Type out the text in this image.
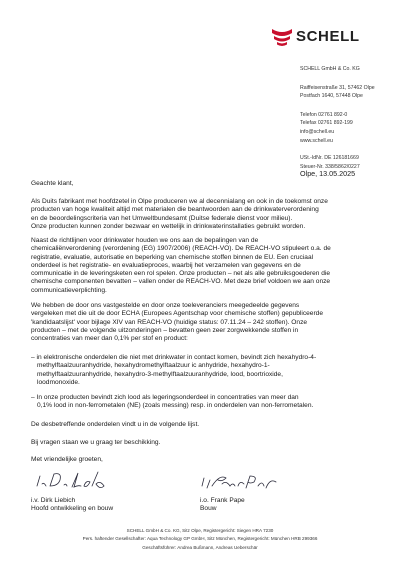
SCHELL
SCHELL GmbH & Co. KG
Raiffeisenstraße 31, 57462 Olpe
Postfach 1640, 57448 Olpe
Telefon 02761 892-0
Telefax 02761 892-199
info@schell.eu
www.schell.eu
USt.-IdNr. DE 126181669
Steuer-Nr. 338/5862/0227
Olpe, 13.05.2025
Geachte klant,
Als Duits fabrikant met hoofdzetel in Olpe produceren we al decennialang en ook in de toekomst onze
producten van hoge kwaliteit altijd met materialen die beantwoorden aan de drinkwaterverordening
en de beoordelingscriteria van het Umweltbundesamt (Duitse federale dienst voor milieu).
Onze producten kunnen zonder bezwaar en wettelijk in drinkwaterinstallaties gebruikt worden.
Naast de richtlijnen voor drinkwater houden we ons aan de bepalingen van de
chemicaliënverordening (verordening (EG) 1907/2006) (REACH-VO). De REACH-VO stipuleert o.a. de
registratie, evaluatie, autorisatie en beperking van chemische stoffen binnen de EU. Een cruciaal
onderdeel is het registratie- en evaluatieproces, waarbij het verzamelen van gegevens en de
communicatie in de leveringsketen een rol spelen. Onze producten – net als alle gebruiksgoederen die
chemische componenten bevatten – vallen onder de REACH-VO. Met deze brief voldoen we aan onze
communicatieverplichting.
We hebben de door ons vastgestelde en door onze toeleveranciers meegedeelde gegevens
vergeleken met die uit de door ECHA (Europees Agentschap voor chemische stoffen) gepubliceerde
'kandidaatslijst' voor bijlage XIV van REACH-VO (huidige status: 07.11.24 – 242 stoffen). Onze
producten – met de volgende uitzonderingen – bevatten geen zeer zorgwekkende stoffen in
concentraties van meer dan 0,1% per stof en product:
– in elektronische onderdelen die niet met drinkwater in contact komen, bevindt zich hexahydro-4-
methylftaalzuuranhydride, hexahydromethylftaalzuur ic anhydride, hexahydro-1-
methylftaalzuuranhydride, hexahydro-3-methylftaalzuuranhydride, lood, boortrioxide,
loodmonoxide.
– In onze producten bevindt zich lood als legeringsonderdeel in concentraties van meer dan
0,1% lood in non-ferrometalen (NE) (zoals messing) resp. in onderdelen van non-ferrometalen.
De desbetreffende onderdelen vindt u in de volgende lijst.
Bij vragen staan we u graag ter beschikking.
Met vriendelijke groeten,
i.v. Dirk Liebich
Hoofd ontwikkeling en bouw
i.o. Frank Pape
Bouw
SCHELL GmbH & Co. KG, Sitz Olpe, Registergericht: Siegen HRA 7230
Pers. haftender Gesellschafter: Aqua Technology GP GmbH, Sitz München, Registergericht: München HRB 299366
Geschäftsführer: Andrea Bußmann, Andreas Ueberschär
